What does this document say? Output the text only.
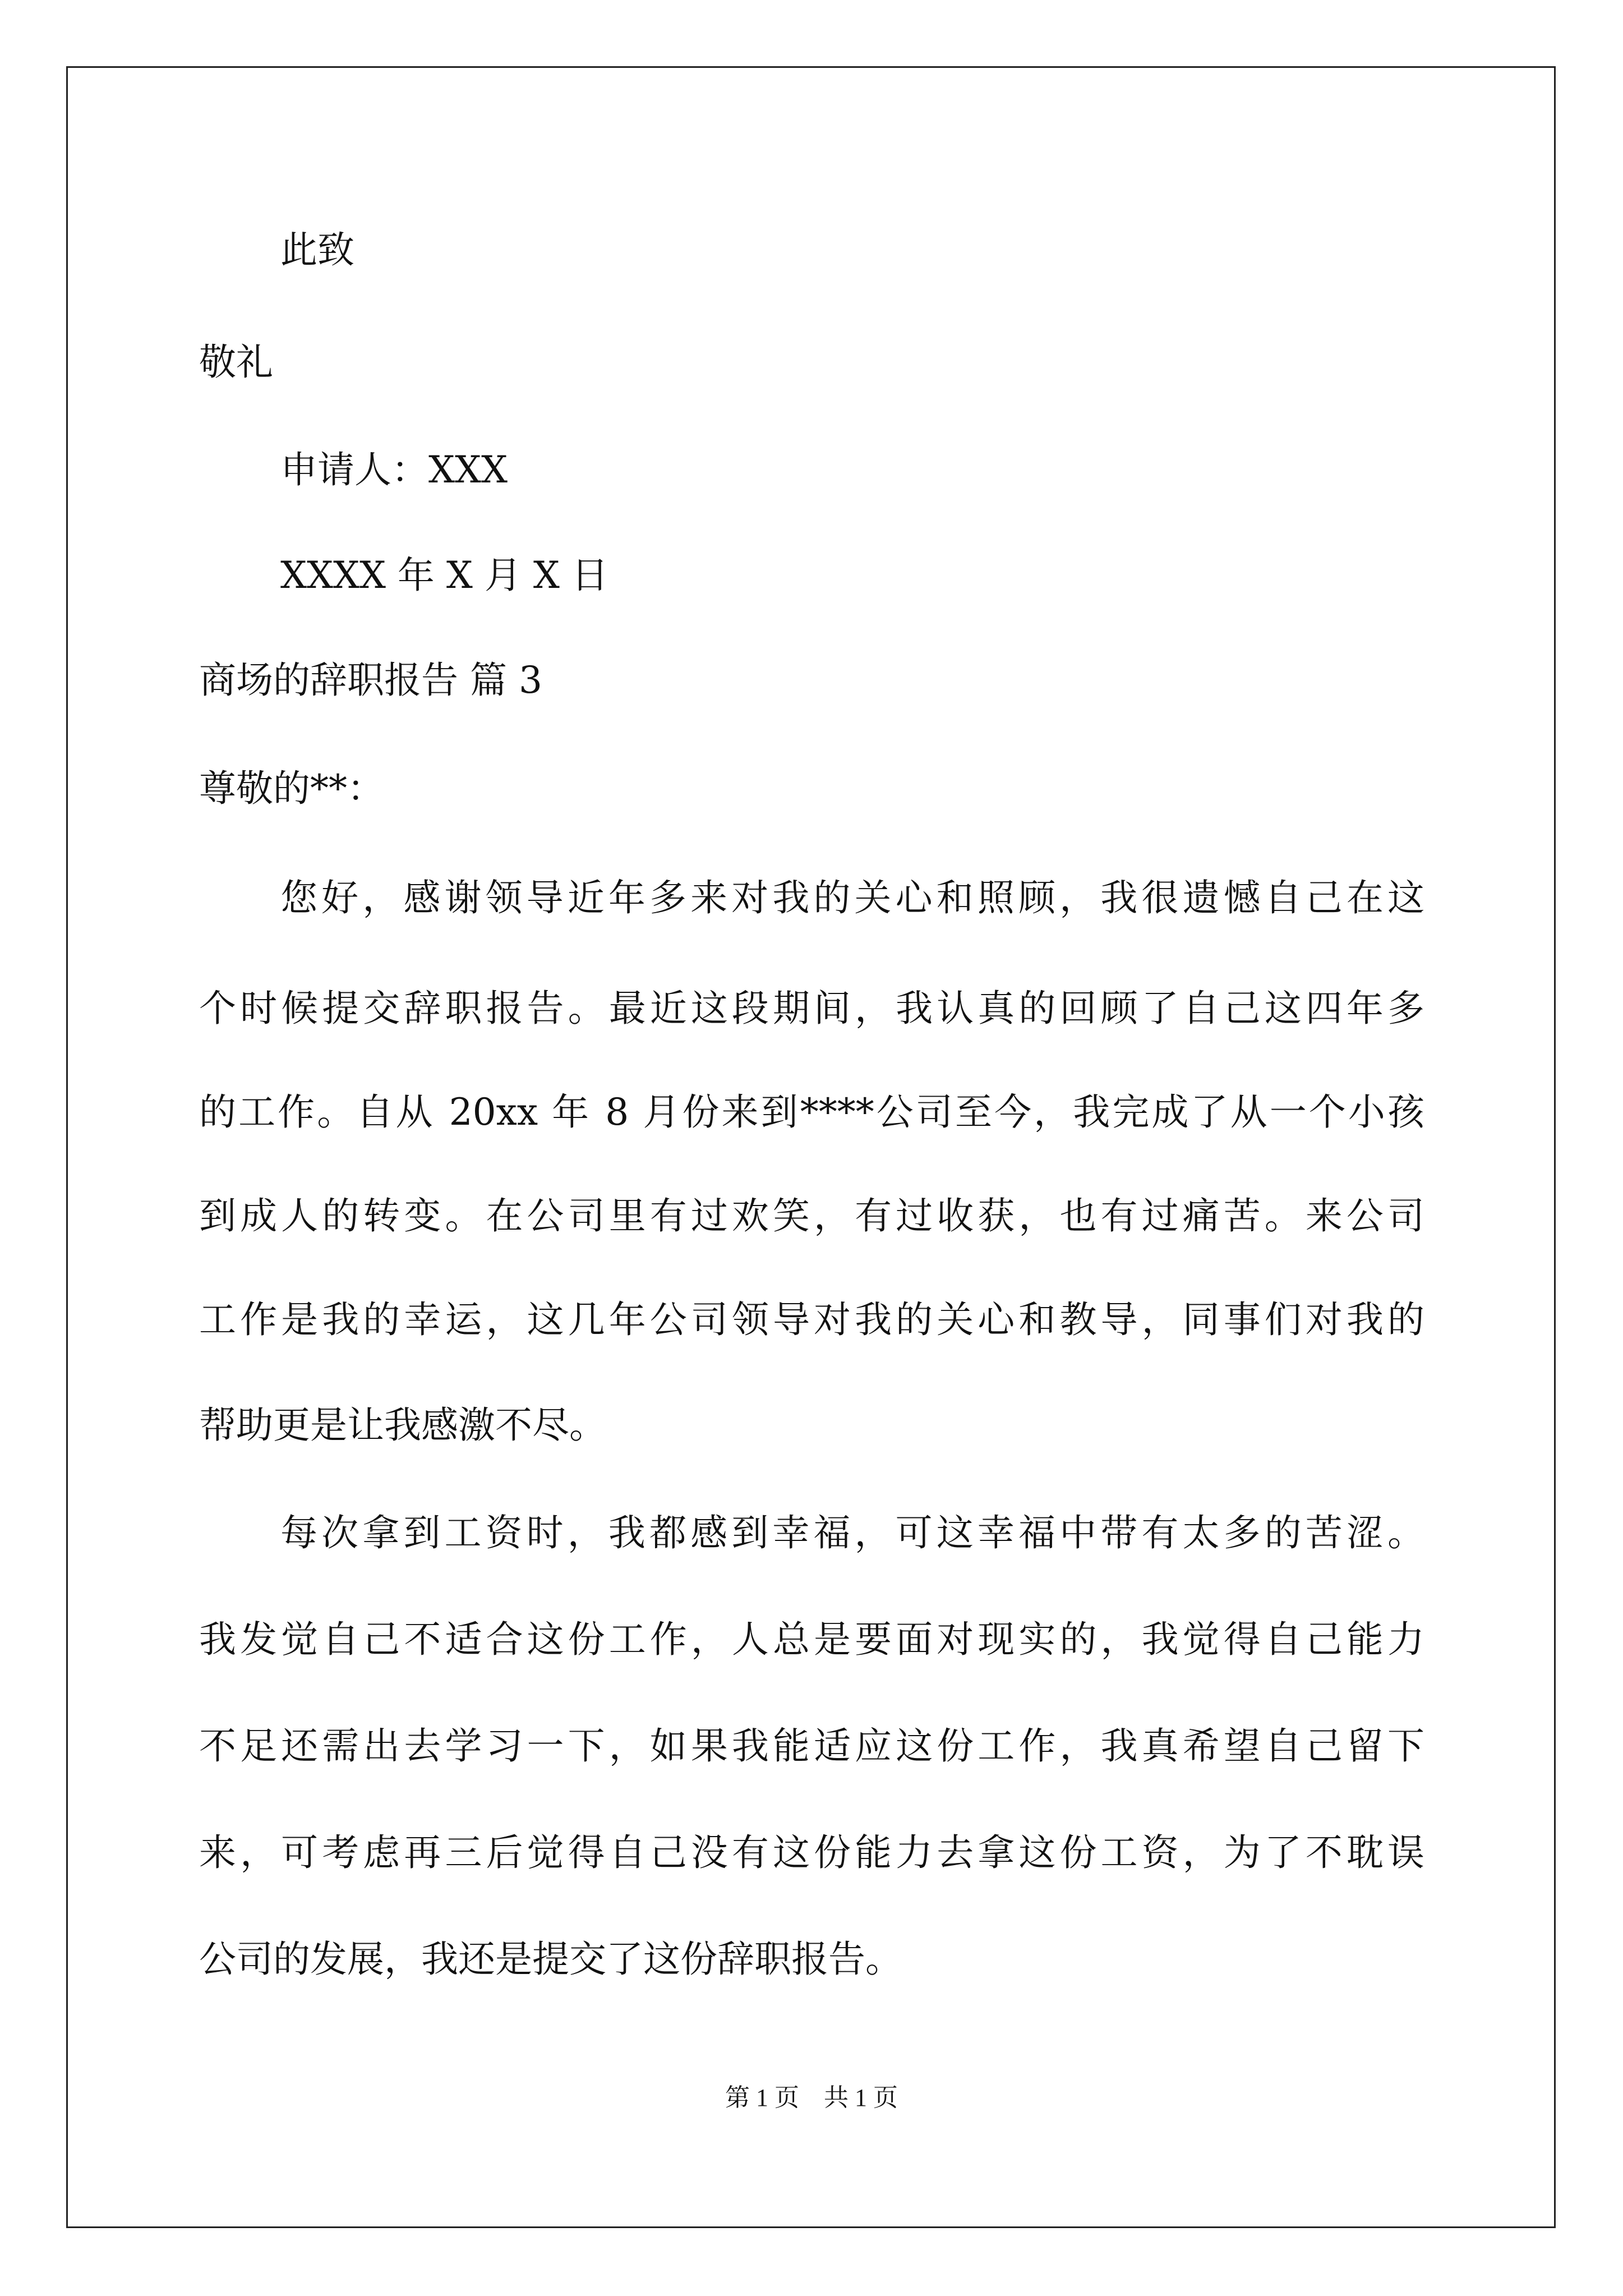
此致
敬礼
申请人：XXX
XXXX 年 X 月 X 日
商场的辞职报告 篇 3
尊敬的**：
您好，感谢领导近年多来对我的关心和照顾，我很遗憾自己在这
个时候提交辞职报告。最近这段期间，我认真的回顾了自己这四年多
的工作。自从 20xx 年 8 月份来到****公司至今，我完成了从一个小孩
到成人的转变。在公司里有过欢笑，有过收获，也有过痛苦。来公司
工作是我的幸运，这几年公司领导对我的关心和教导，同事们对我的
帮助更是让我感激不尽。
每次拿到工资时，我都感到幸福，可这幸福中带有太多的苦涩。
我发觉自己不适合这份工作，人总是要面对现实的，我觉得自己能力
不足还需出去学习一下，如果我能适应这份工作，我真希望自己留下
来，可考虑再三后觉得自己没有这份能力去拿这份工资，为了不耽误
公司的发展，我还是提交了这份辞职报告。
第 1 页　共 1 页
